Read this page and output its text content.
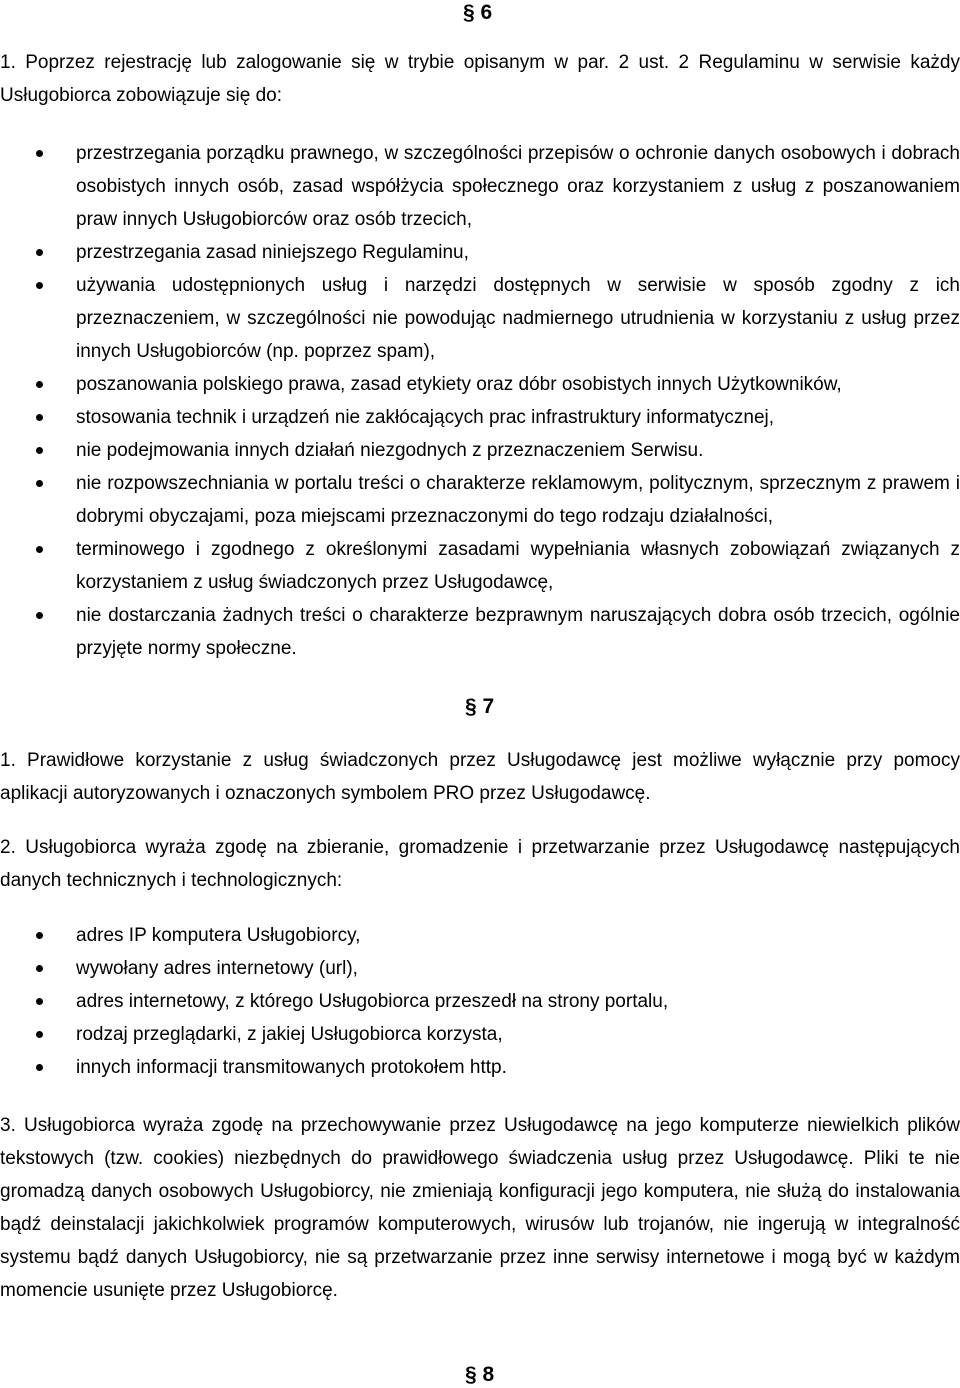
§ 6
1. Poprzez rejestrację lub zalogowanie się w trybie opisanym w par. 2 ust. 2 Regulaminu w serwisie każdy Usługobiorca zobowiązuje się do:
przestrzegania porządku prawnego, w szczególności przepisów o ochronie danych osobowych i dobrach osobistych innych osób, zasad współżycia społecznego oraz korzystaniem z usług z poszanowaniem praw innych Usługobiorców oraz osób trzecich,
przestrzegania zasad niniejszego Regulaminu,
używania udostępnionych usług i narzędzi dostępnych w serwisie w sposób zgodny z ich przeznaczeniem, w szczególności nie powodując nadmiernego utrudnienia w korzystaniu z usług przez innych Usługobiorców (np. poprzez spam),
poszanowania polskiego prawa, zasad etykiety oraz dóbr osobistych innych Użytkowników,
stosowania technik i urządzeń nie zakłócających prac infrastruktury informatycznej,
nie podejmowania innych działań niezgodnych z przeznaczeniem Serwisu.
nie rozpowszechniania w portalu treści o charakterze reklamowym, politycznym, sprzecznym z prawem i dobrymi obyczajami, poza miejscami przeznaczonymi do tego rodzaju działalności,
terminowego i zgodnego z określonymi zasadami wypełniania własnych zobowiązań związanych z korzystaniem z usług świadczonych przez Usługodawcę,
nie dostarczania żadnych treści o charakterze bezprawnym naruszających dobra osób trzecich, ogólnie przyjęte normy społeczne.
§ 7
1. Prawidłowe korzystanie z usług świadczonych przez Usługodawcę jest możliwe wyłącznie przy pomocy aplikacji autoryzowanych i oznaczonych symbolem PRO przez Usługodawcę.
2. Usługobiorca wyraża zgodę na zbieranie, gromadzenie i przetwarzanie przez Usługodawcę następujących danych technicznych i technologicznych:
adres IP komputera Usługobiorcy,
wywołany adres internetowy (url),
adres internetowy, z którego Usługobiorca przeszedł na strony portalu,
rodzaj przeglądarki, z jakiej Usługobiorca korzysta,
innych informacji transmitowanych protokołem http.
3. Usługobiorca wyraża zgodę na przechowywanie przez Usługodawcę na jego komputerze niewielkich plików tekstowych (tzw. cookies) niezbędnych do prawidłowego świadczenia usług przez Usługodawcę. Pliki te nie gromadzą danych osobowych Usługobiorcy, nie zmieniają konfiguracji jego komputera, nie służą do instalowania bądź deinstalacji jakichkolwiek programów komputerowych, wirusów lub trojanów, nie ingerują w integralność systemu bądź danych Usługobiorcy, nie są przetwarzanie przez inne serwisy internetowe i mogą być w każdym momencie usunięte przez Usługobiorcę.
§ 8
